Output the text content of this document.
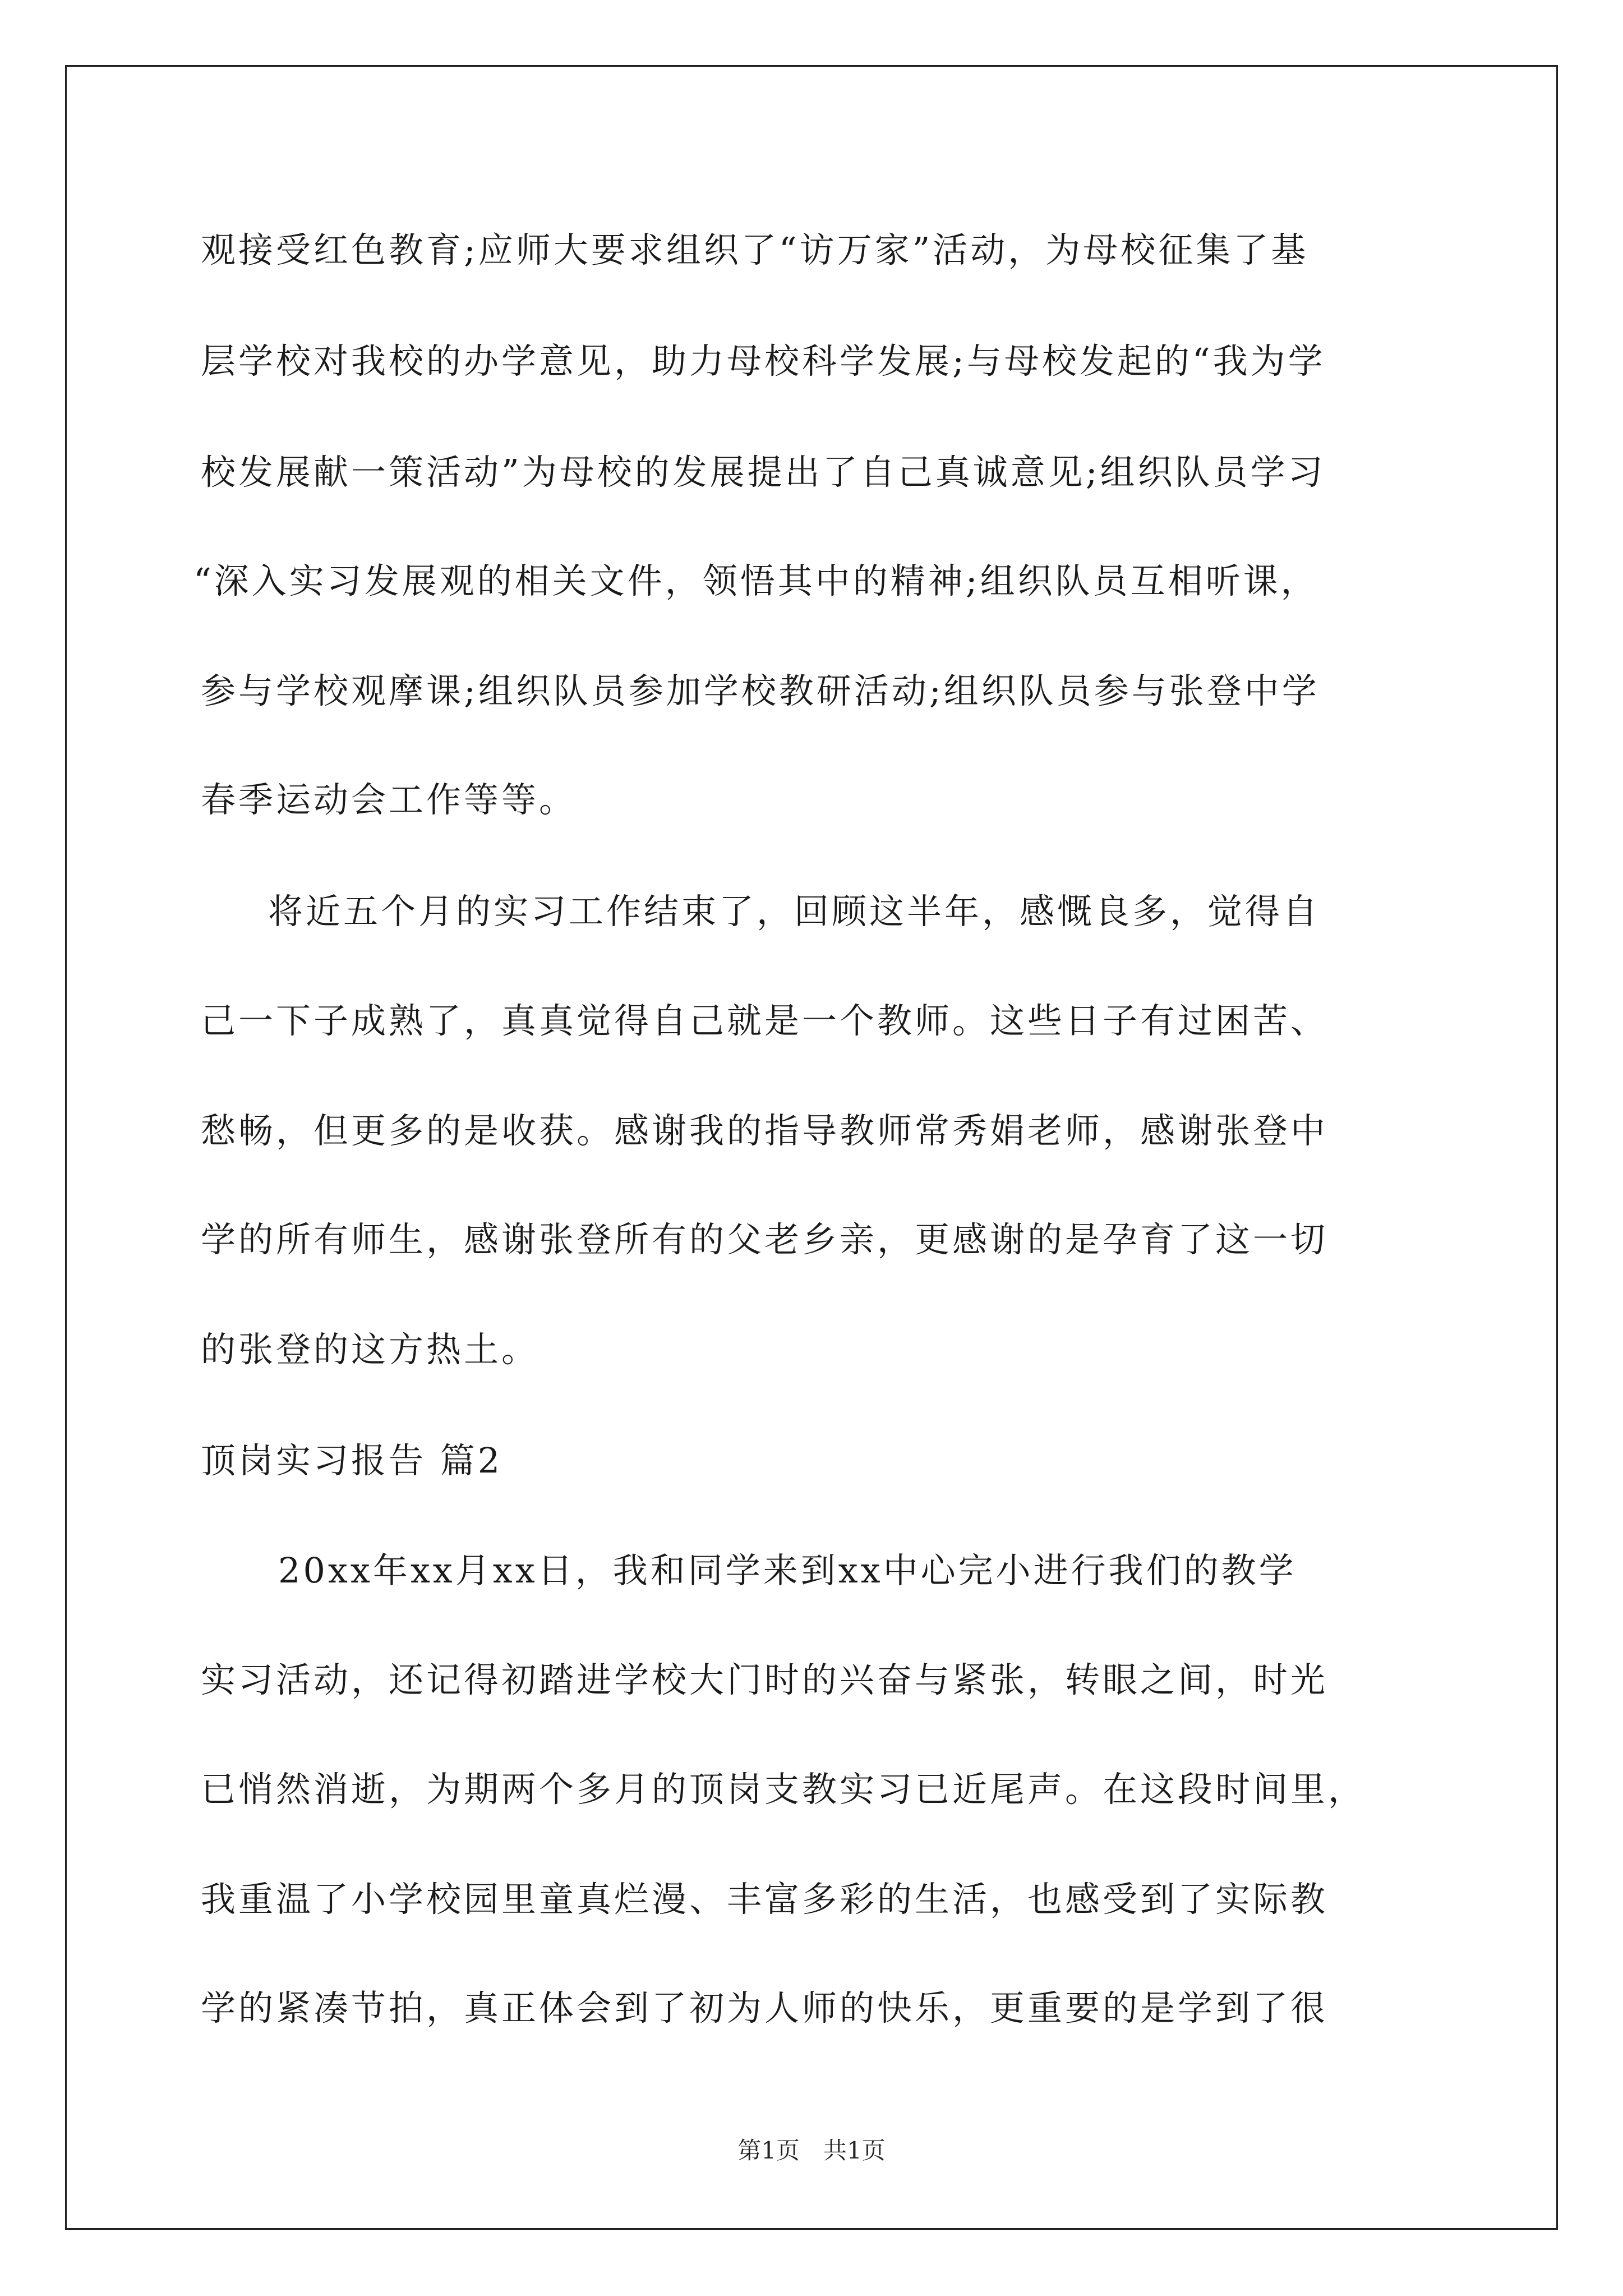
观接受红色教育;应师大要求组织了“访万家”活动，为母校征集了基
层学校对我校的办学意见，助力母校科学发展;与母校发起的“我为学
校发展献一策活动”为母校的发展提出了自己真诚意见;组织队员学习
“深入实习发展观的相关文件，领悟其中的精神;组织队员互相听课，
参与学校观摩课;组织队员参加学校教研活动;组织队员参与张登中学
春季运动会工作等等。
将近五个月的实习工作结束了，回顾这半年，感慨良多，觉得自
己一下子成熟了，真真觉得自己就是一个教师。这些日子有过困苦、
愁畅，但更多的是收获。感谢我的指导教师常秀娟老师，感谢张登中
学的所有师生，感谢张登所有的父老乡亲，更感谢的是孕育了这一切
的张登的这方热土。
顶岗实习报告 篇2
20xx年xx月xx日，我和同学来到xx中心完小进行我们的教学
实习活动，还记得初踏进学校大门时的兴奋与紧张，转眼之间，时光
已悄然消逝，为期两个多月的顶岗支教实习已近尾声。在这段时间里，
我重温了小学校园里童真烂漫、丰富多彩的生活，也感受到了实际教
学的紧凑节拍，真正体会到了初为人师的快乐，更重要的是学到了很
第1页　共1页
